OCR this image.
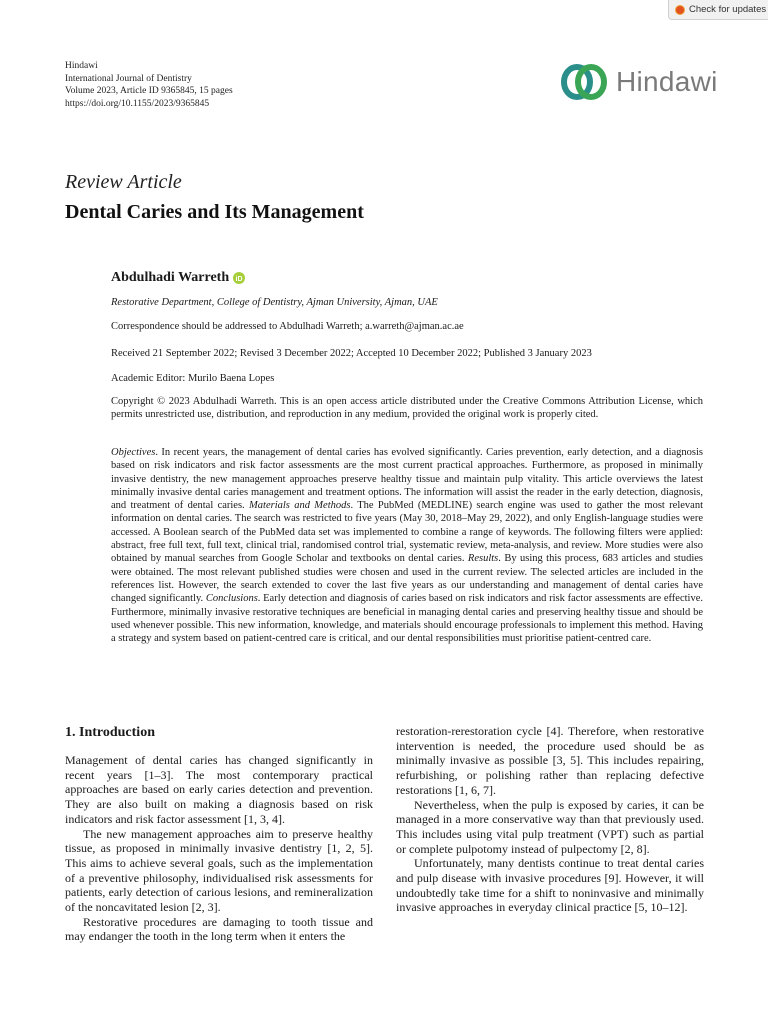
Check for updates
Hindawi
International Journal of Dentistry
Volume 2023, Article ID 9365845, 15 pages
https://doi.org/10.1155/2023/9365845
Hindawi
Review Article
Dental Caries and Its Management
Abdulhadi Warreth iD
Restorative Department, College of Dentistry, Ajman University, Ajman, UAE
Correspondence should be addressed to Abdulhadi Warreth; a.warreth@ajman.ac.ae
Received 21 September 2022; Revised 3 December 2022; Accepted 10 December 2022; Published 3 January 2023
Academic Editor: Murilo Baena Lopes
Copyright © 2023 Abdulhadi Warreth. This is an open access article distributed under the Creative Commons Attribution License, which permits unrestricted use, distribution, and reproduction in any medium, provided the original work is properly cited.
Objectives. In recent years, the management of dental caries has evolved significantly. Caries prevention, early detection, and a diagnosis based on risk indicators and risk factor assessments are the most current practical approaches. Furthermore, as proposed in minimally invasive dentistry, the new management approaches preserve healthy tissue and maintain pulp vitality. This article overviews the latest minimally invasive dental caries management and treatment options. The information will assist the reader in the early detection, diagnosis, and treatment of dental caries. Materials and Methods. The PubMed (MEDLINE) search engine was used to gather the most relevant information on dental caries. The search was restricted to five years (May 30, 2018–May 29, 2022), and only English-language studies were accessed. A Boolean search of the PubMed data set was implemented to combine a range of keywords. The following filters were applied: abstract, free full text, full text, clinical trial, randomised control trial, systematic review, meta-analysis, and review. More studies were also obtained by manual searches from Google Scholar and textbooks on dental caries. Results. By using this process, 683 articles and studies were obtained. The most relevant published studies were chosen and used in the current review. The selected articles are included in the references list. However, the search extended to cover the last five years as our understanding and management of dental caries have changed significantly. Conclusions. Early detection and diagnosis of caries based on risk indicators and risk factor assessments are effective. Furthermore, minimally invasive restorative techniques are beneficial in managing dental caries and preserving healthy tissue and should be used whenever possible. This new information, knowledge, and materials should encourage professionals to implement this method. Having a strategy and system based on patient-centred care is critical, and our dental responsibilities must prioritise patient-centred care.
1. Introduction

Management of dental caries has changed significantly in recent years [1–3]. The most contemporary practical approaches are based on early caries detection and prevention. They are also built on making a diagnosis based on risk indicators and risk factor assessment [1, 3, 4].

The new management approaches aim to preserve healthy tissue, as proposed in minimally invasive dentistry [1, 2, 5]. This aims to achieve several goals, such as the implementation of a preventive philosophy, individualised risk assessments for patients, early detection of carious lesions, and remineralization of the noncavitated lesion [2, 3].

Restorative procedures are damaging to tooth tissue and may endanger the tooth in the long term when it enters the

restoration-rerestoration cycle [4]. Therefore, when restorative intervention is needed, the procedure used should be as minimally invasive as possible [3, 5]. This includes repairing, refurbishing, or polishing rather than replacing defective restorations [1, 6, 7].

Nevertheless, when the pulp is exposed by caries, it can be managed in a more conservative way than that previously used. This includes using vital pulp treatment (VPT) such as partial or complete pulpotomy instead of pulpectomy [2, 8].

Unfortunately, many dentists continue to treat dental caries and pulp disease with invasive procedures [9]. However, it will undoubtedly take time for a shift to noninvasive and minimally invasive approaches in everyday clinical practice [5, 10–12].
